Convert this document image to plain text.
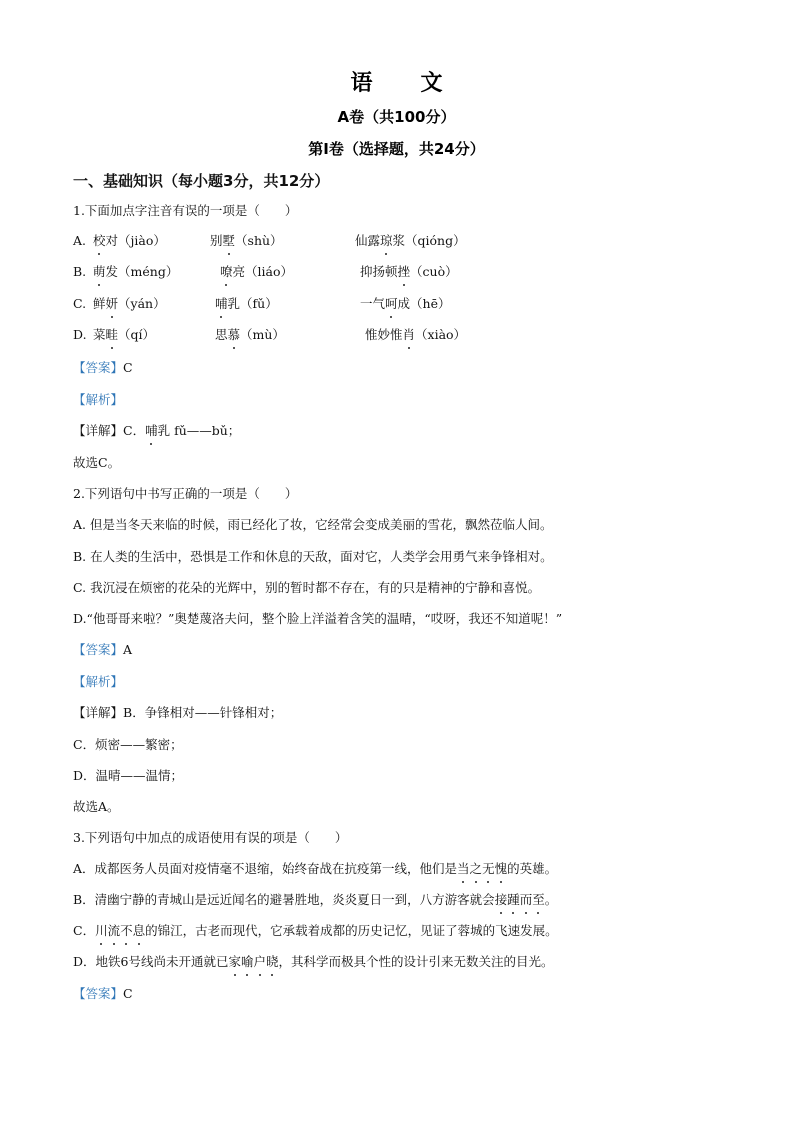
语 文
A卷（共100分）
第Ⅰ卷（选择题，共24分）
一、基础知识（每小题3分，共12分）
1.下面加点字注音有误的一项是（　　）
A. 校对（jiào）	别墅（shù）	仙露琼浆（qióng）
B. 萌发（méng）	嘹亮（liáo）	抑扬顿挫（cuò）
C. 鲜妍（yán）	哺乳（fǔ）	一气呵成（hē）
D. 菜畦（qí）	思慕（mù）	惟妙惟肖（xiào）
【答案】C
【解析】
【详解】C．哺乳 fǔ——bǔ；
故选C。
2.下列语句中书写正确的一项是（　　）
A. 但是当冬天来临的时候，雨已经化了妆，它经常会变成美丽的雪花，飘然莅临人间。
B. 在人类的生活中，恐惧是工作和休息的天敌，面对它，人类学会用勇气来争锋相对。
C. 我沉浸在烦密的花朵的光辉中，别的暂时都不存在，有的只是精神的宁静和喜悦。
D.“他哥哥来啦？”奥楚蔑洛夫问，整个脸上洋溢着含笑的温晴，“哎呀，我还不知道呢！”
【答案】A
【解析】
【详解】B．争锋相对——针锋相对；
C．烦密——繁密；
D．温晴——温情；
故选A。
3.下列语句中加点的成语使用有误的项是（　　）
A．成都医务人员面对疫情毫不退缩，始终奋战在抗疫第一线，他们是当之无愧的英雄。
B．清幽宁静的青城山是远近闻名的避暑胜地，炎炎夏日一到，八方游客就会接踵而至。
C．川流不息的锦江，古老而现代，它承载着成都的历史记忆，见证了蓉城的飞速发展。
D．地铁6号线尚未开通就已家喻户晓，其科学而极具个性的设计引来无数关注的目光。
【答案】C
